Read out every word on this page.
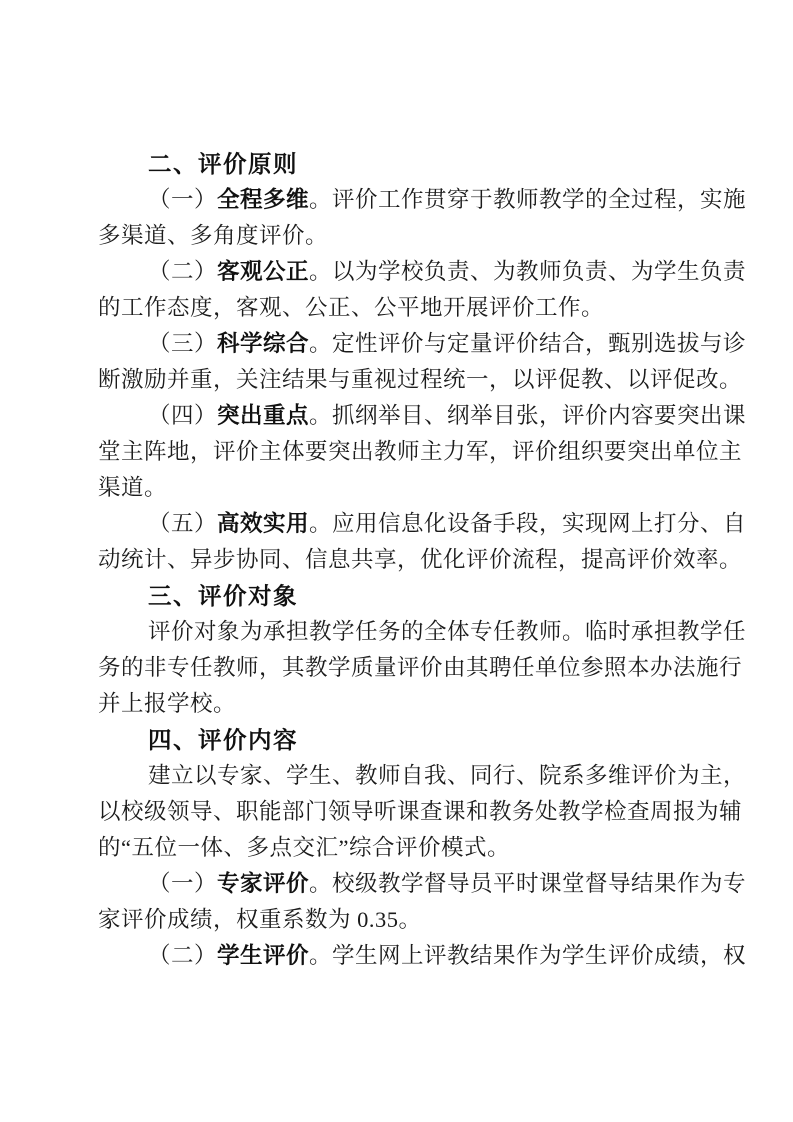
二、评价原则
（一）全程多维。评价工作贯穿于教师教学的全过程，实施
多渠道、多角度评价。
（二）客观公正。以为学校负责、为教师负责、为学生负责
的工作态度，客观、公正、公平地开展评价工作。
（三）科学综合。定性评价与定量评价结合，甄别选拔与诊
断激励并重，关注结果与重视过程统一，以评促教、以评促改。
（四）突出重点。抓纲举目、纲举目张，评价内容要突出课
堂主阵地，评价主体要突出教师主力军，评价组织要突出单位主
渠道。
（五）高效实用。应用信息化设备手段，实现网上打分、自
动统计、异步协同、信息共享，优化评价流程，提高评价效率。
三、评价对象
评价对象为承担教学任务的全体专任教师。临时承担教学任
务的非专任教师，其教学质量评价由其聘任单位参照本办法施行
并上报学校。
四、评价内容
建立以专家、学生、教师自我、同行、院系多维评价为主，
以校级领导、职能部门领导听课查课和教务处教学检查周报为辅
的“五位一体、多点交汇”综合评价模式。
（一）专家评价。校级教学督导员平时课堂督导结果作为专
家评价成绩，权重系数为 0.35。
（二）学生评价。学生网上评教结果作为学生评价成绩，权
